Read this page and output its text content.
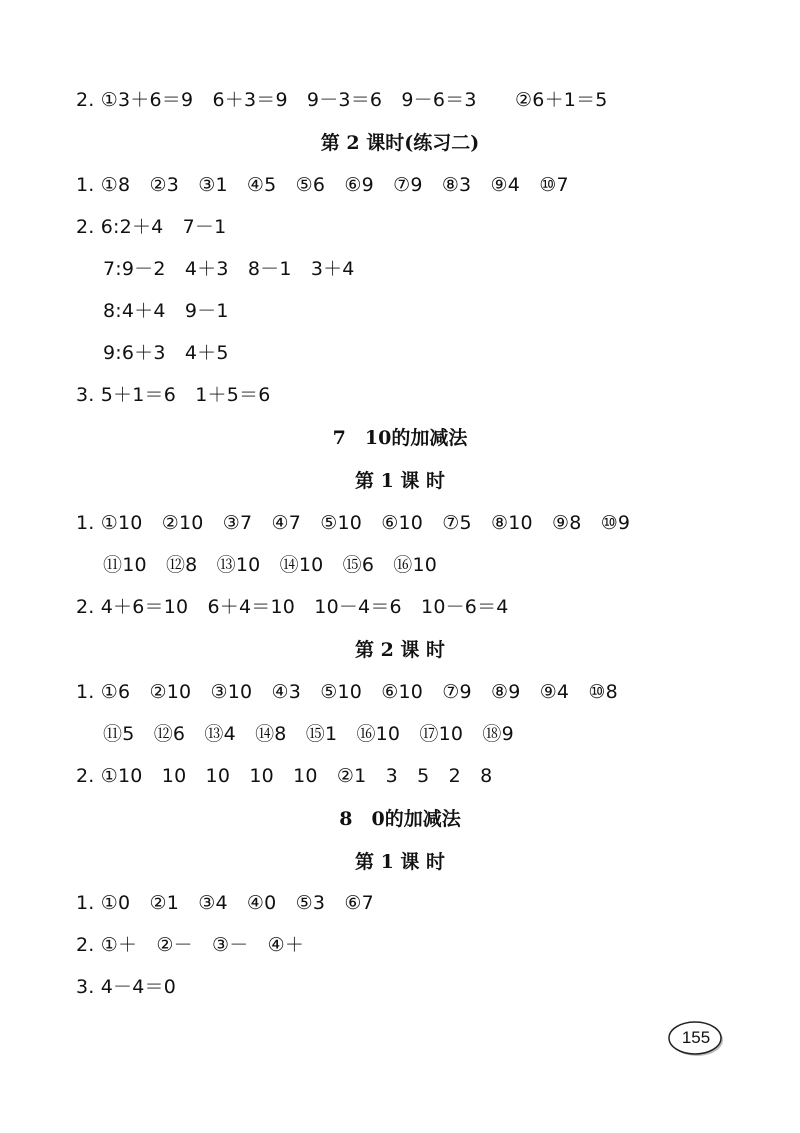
2. ①3＋6＝9　6＋3＝9　9－3＝6　9－6＝3　　②6＋1＝5
第 2 课时(练习二)
1. ①8　②3　③1　④5　⑤6　⑥9　⑦9　⑧3　⑨4　⑩7
2. 6:2＋4　7－1
7:9－2　4＋3　8－1　3＋4
8:4＋4　9－1
9:6＋3　4＋5
3. 5＋1＝6　1＋5＝6
7　10的加减法
第 1 课 时
1. ①10　②10　③7　④7　⑤10　⑥10　⑦5　⑧10　⑨8　⑩9
⑪10　⑫8　⑬10　⑭10　⑮6　⑯10
2. 4＋6＝10　6＋4＝10　10－4＝6　10－6＝4
第 2 课 时
1. ①6　②10　③10　④3　⑤10　⑥10　⑦9　⑧9　⑨4　⑩8
⑪5　⑫6　⑬4　⑭8　⑮1　⑯10　⑰10　⑱9
2. ①10　10　10　10　10　②1　3　5　2　8
8　0的加减法
第 1 课 时
1. ①0　②1　③4　④0　⑤3　⑥7
2. ①＋　②－　③－　④＋
3. 4－4＝0
155
